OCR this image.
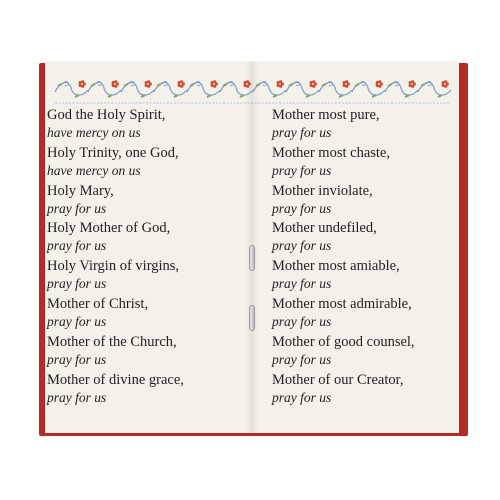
God the Holy Spirit,
have mercy on us
Holy Trinity, one God,
have mercy on us
Holy Mary,
pray for us
Holy Mother of God,
pray for us
Holy Virgin of virgins,
pray for us
Mother of Christ,
pray for us
Mother of the Church,
pray for us
Mother of divine grace,
pray for us
Mother most pure,
pray for us
Mother most chaste,
pray for us
Mother inviolate,
pray for us
Mother undefiled,
pray for us
Mother most amiable,
pray for us
Mother most admirable,
pray for us
Mother of good counsel,
pray for us
Mother of our Creator,
pray for us
